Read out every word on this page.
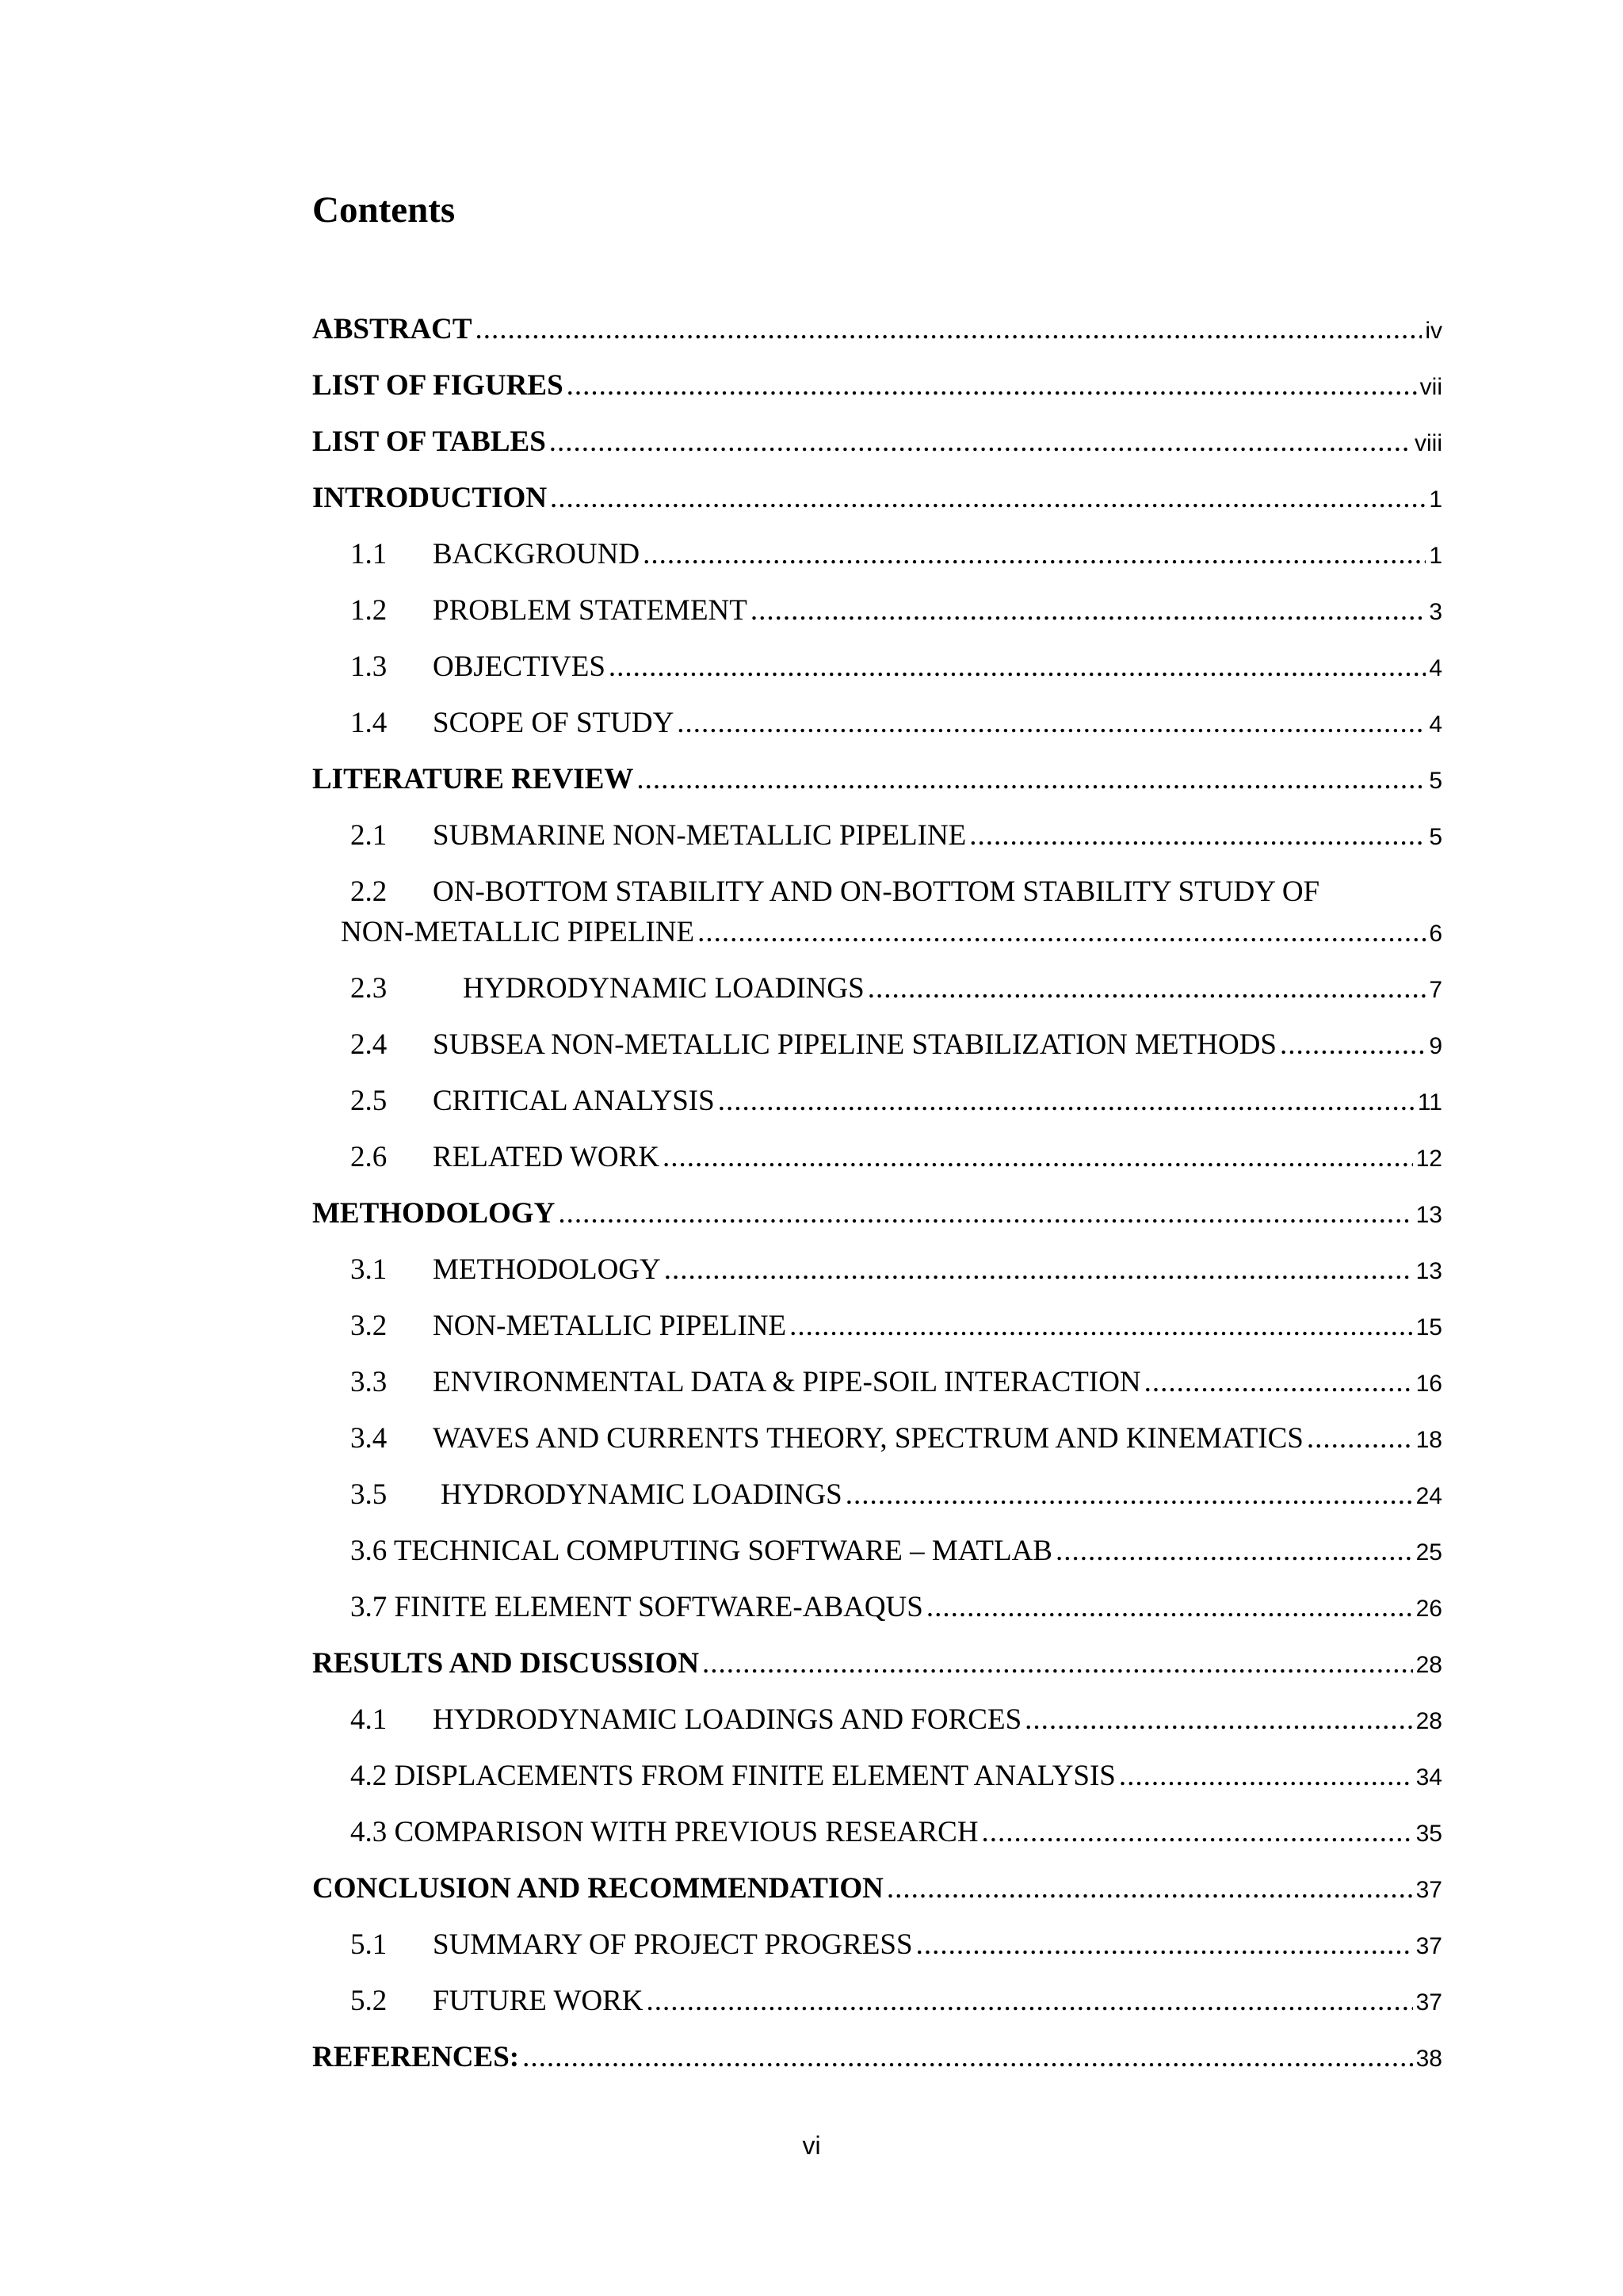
Contents
ABSTRACT .....	iv
LIST OF FIGURES .....	vii
LIST OF TABLES .....	viii
INTRODUCTION .....	1
1.1	BACKGROUND .....	1
1.2	PROBLEM STATEMENT .....	3
1.3	OBJECTIVES .....	4
1.4	SCOPE OF STUDY .....	4
LITERATURE REVIEW .....	5
2.1	SUBMARINE NON-METALLIC PIPELINE .....	5
2.2 ON-BOTTOM STABILITY AND ON-BOTTOM STABILITY STUDY OF
NON-METALLIC PIPELINE .....	6
2.3	HYDRODYNAMIC LOADINGS .....	7
2.4	SUBSEA NON-METALLIC PIPELINE STABILIZATION METHODS .....	9
2.5	CRITICAL ANALYSIS .....	11
2.6	RELATED WORK .....	12
METHODOLOGY .....	13
3.1	METHODOLOGY .....	13
3.2	NON-METALLIC PIPELINE .....	15
3.3	ENVIRONMENTAL DATA & PIPE-SOIL INTERACTION .....	16
3.4	WAVES AND CURRENTS THEORY, SPECTRUM AND KINEMATICS .....	18
3.5	HYDRODYNAMIC LOADINGS .....	24
3.6 TECHNICAL COMPUTING SOFTWARE – MATLAB .....	25
3.7 FINITE ELEMENT SOFTWARE-ABAQUS .....	26
RESULTS AND DISCUSSION .....	28
4.1	HYDRODYNAMIC LOADINGS AND FORCES .....	28
4.2 DISPLACEMENTS FROM FINITE ELEMENT ANALYSIS .....	34
4.3 COMPARISON WITH PREVIOUS RESEARCH .....	35
CONCLUSION AND RECOMMENDATION .....	37
5.1	SUMMARY OF PROJECT PROGRESS .....	37
5.2	FUTURE WORK .....	37
REFERENCES: .....	38
vi
